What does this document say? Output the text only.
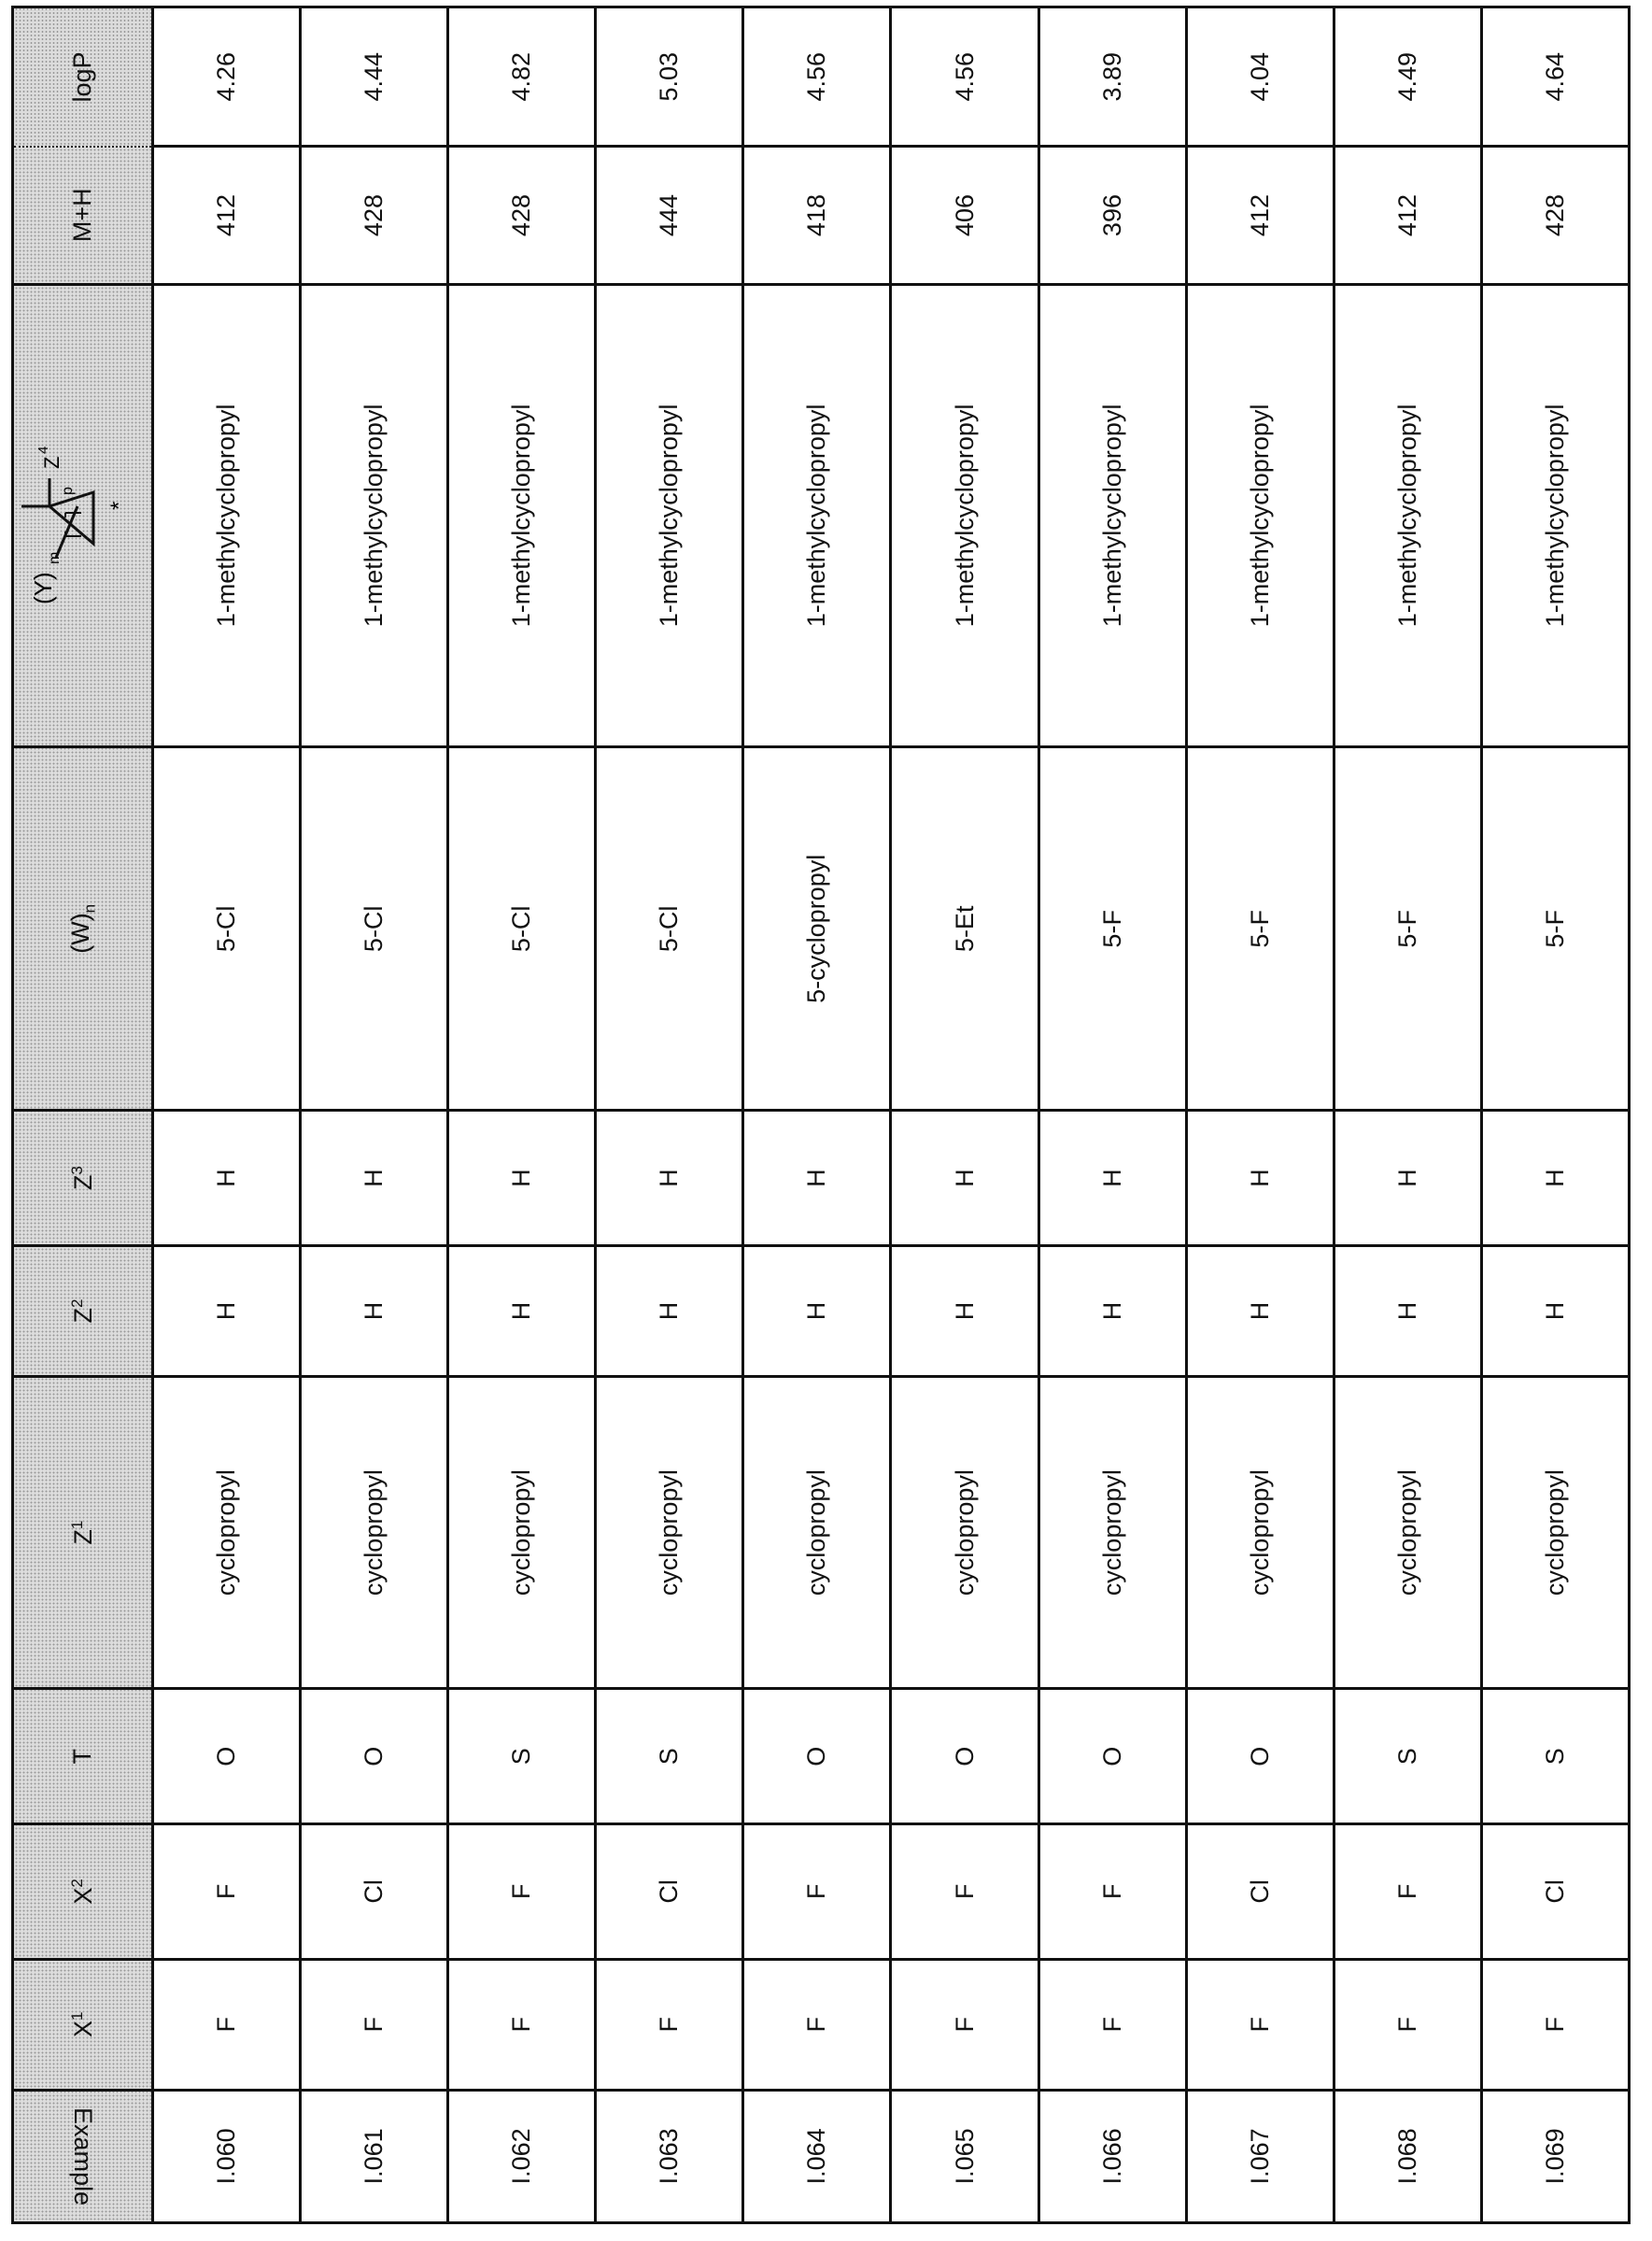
Example	X1	X2	T	Z1	Z2	Z3	(W)n	
(Y)
m
p
Z
4
*
	M+H	logP
I.060	F	F	O	cyclopropyl	H	H	5-Cl	1-methylcyclopropyl	412	4.26
I.061	F	Cl	O	cyclopropyl	H	H	5-Cl	1-methylcyclopropyl	428	4.44
I.062	F	F	S	cyclopropyl	H	H	5-Cl	1-methylcyclopropyl	428	4.82
I.063	F	Cl	S	cyclopropyl	H	H	5-Cl	1-methylcyclopropyl	444	5.03
I.064	F	F	O	cyclopropyl	H	H	5-cyclopropyl	1-methylcyclopropyl	418	4.56
I.065	F	F	O	cyclopropyl	H	H	5-Et	1-methylcyclopropyl	406	4.56
I.066	F	F	O	cyclopropyl	H	H	5-F	1-methylcyclopropyl	396	3.89
I.067	F	Cl	O	cyclopropyl	H	H	5-F	1-methylcyclopropyl	412	4.04
I.068	F	F	S	cyclopropyl	H	H	5-F	1-methylcyclopropyl	412	4.49
I.069	F	Cl	S	cyclopropyl	H	H	5-F	1-methylcyclopropyl	428	4.64
